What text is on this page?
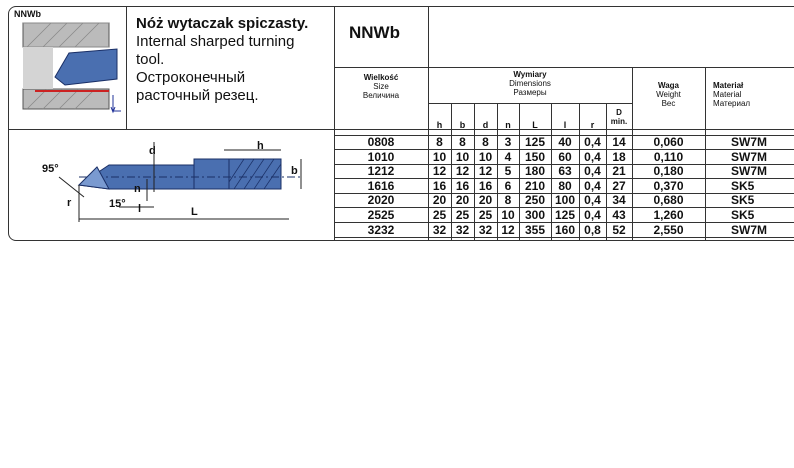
NNWb
Nóż wytaczak spiczasty.
Internal sharped turning tool.
Остроконечный расточный резец.
NNWb
Wielkość
Size
Величина
Wymiary
Dimensions
Размеры
Waga
Weight
Вес
Materiał
Material
Материал
h	b	d	n	L	l	r
D
min.
95°
15°
r
d
n
l	L
h
b
0808	8	8	8	3	125	40	0,4 14	0,060	SW7M
1010	10 10 10	4	150	60	0,4 18	0,110	SW7M
1212	12 12 12	5	180	63	0,4 21	0,180	SW7M
1616	16 16 16	6	210	80	0,4 27	0,370	SK5
2020	20 20 20	8	250 100 0,4 34	0,680	SK5
2525	25 25 25 10 300 125 0,4 43	1,260	SK5
3232	32 32 32 12 355 160 0,8 52	2,550	SW7M
